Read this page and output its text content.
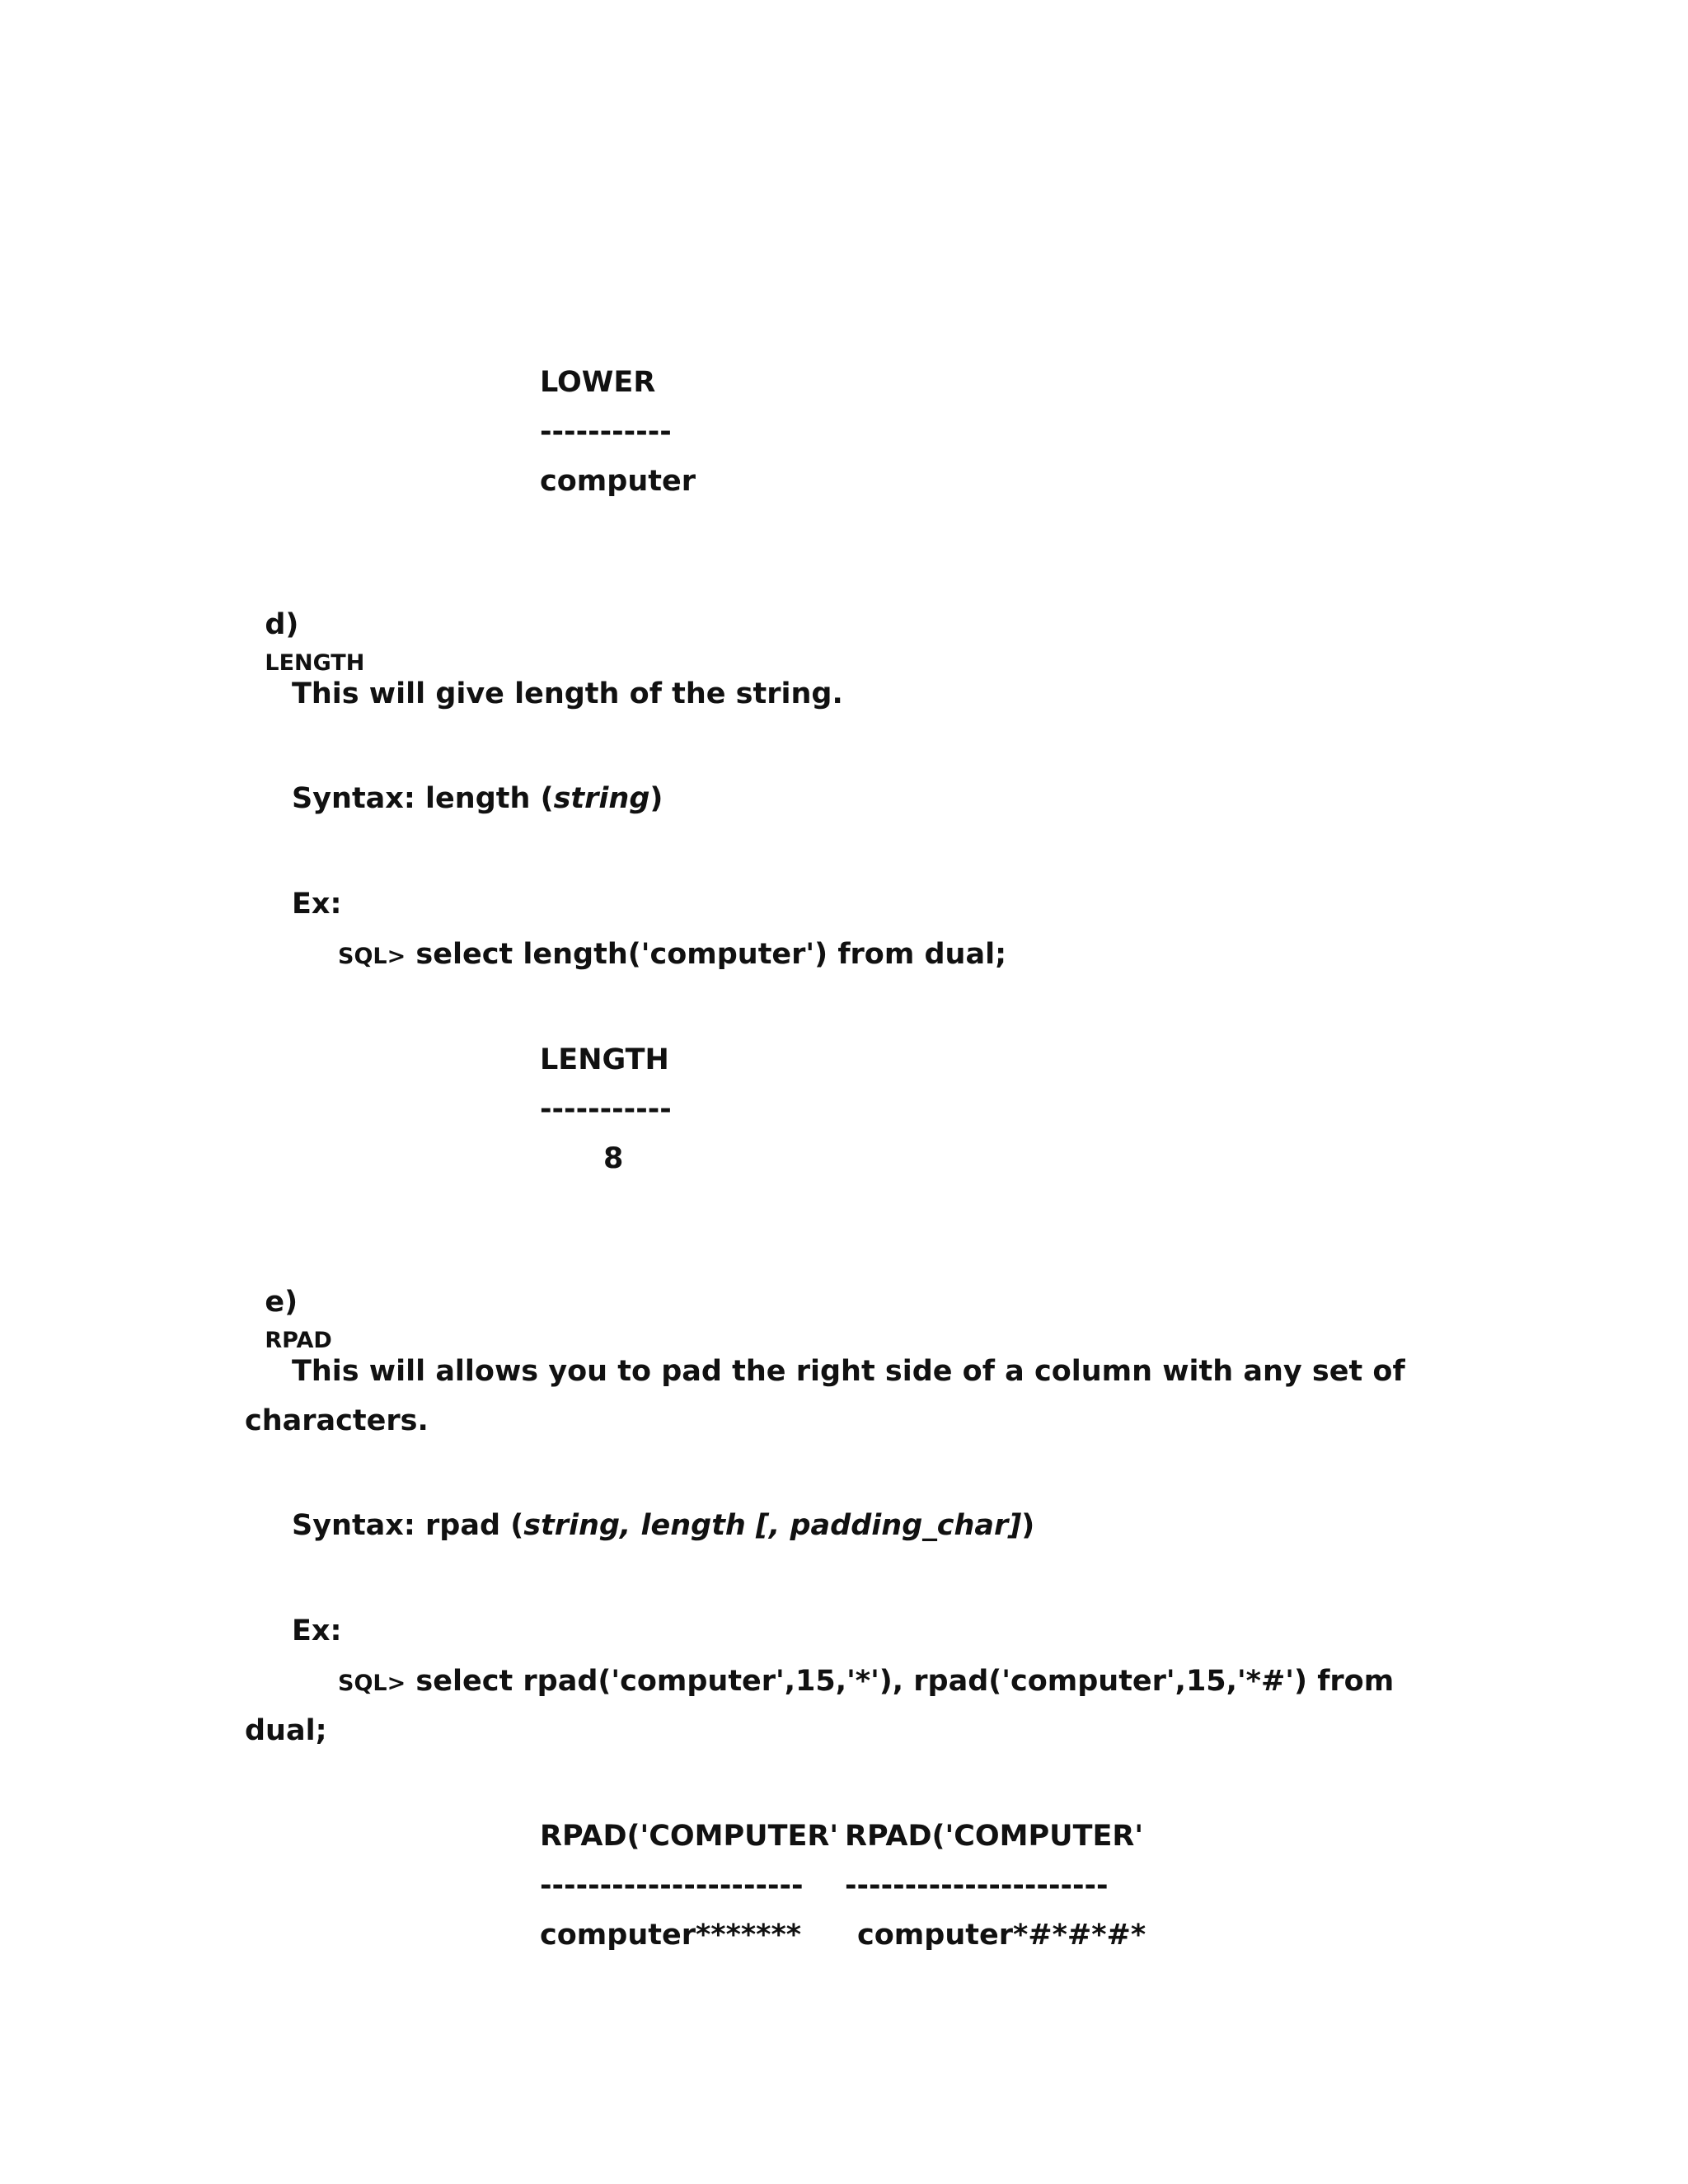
LOWER
-----------
computer

d)
LENGTH

This will give length of the string.
Syntax: length (string)
Ex:
SQL> select length('computer') from dual;
LENGTH
-----------
8

e)
RPAD

This will allows you to pad the right side of a column with any set of
characters.
Syntax: rpad (string, length [, padding_char])
Ex:
SQL> select rpad('computer',15,'*'), rpad('computer',15,'*#') from
dual;
RPAD('COMPUTER' RPAD('COMPUTER'
---------------------- ----------------------
computer******* computer*#*#*#*
